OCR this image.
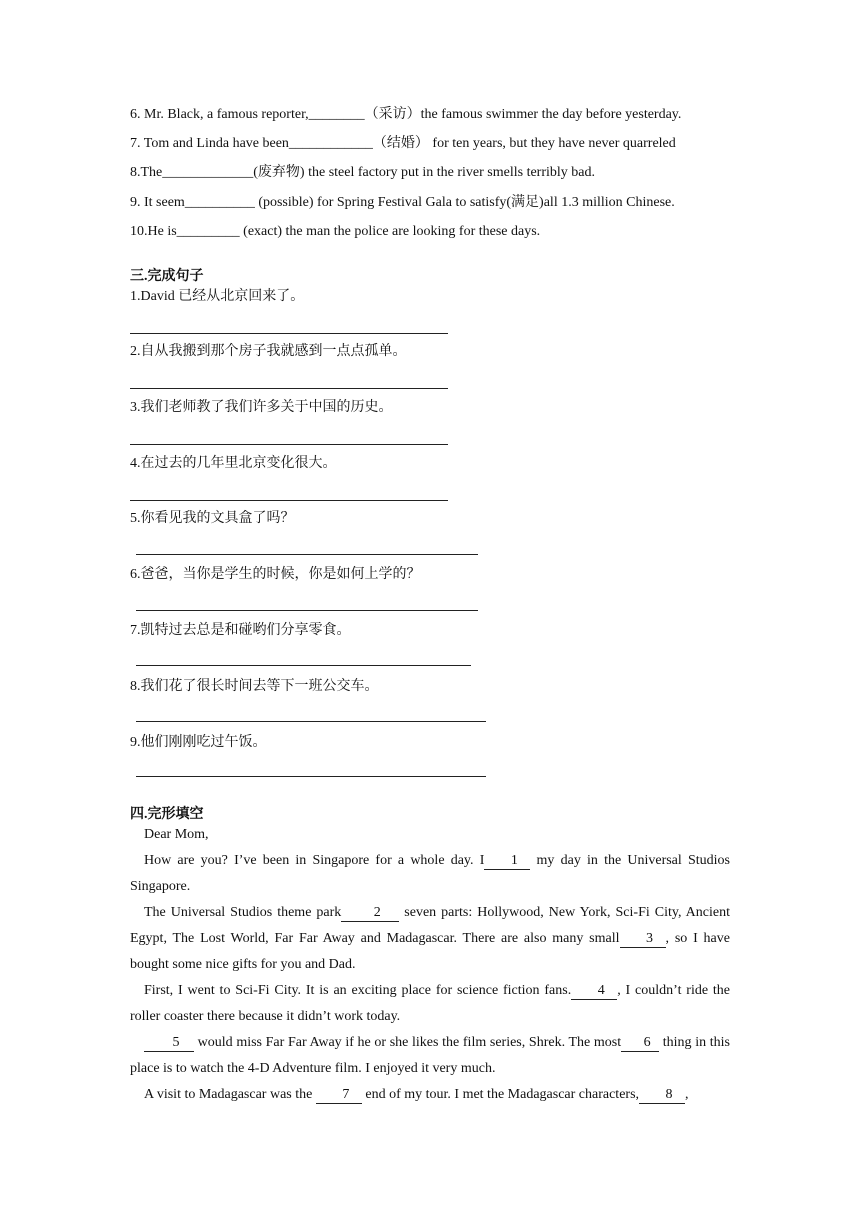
6. Mr. Black, a famous reporter,________（采访）the famous swimmer the day before yesterday.
7. Tom and Linda have been____________（结婚） for ten years, but they have never quarreled
8.The_____________(废弃物) the steel factory put in the river smells terribly bad.
9. It seem__________ (possible) for Spring Festival Gala to satisfy(满足)all 1.3 million Chinese.
10.He is_________ (exact) the man the police are looking for these days.
三.完成句子
1.David 已经从北京回来了。
2.自从我搬到那个房子我就感到一点点孤单。
3.我们老师教了我们许多关于中国的历史。
4.在过去的几年里北京变化很大。
5.你看见我的文具盒了吗？
6.爸爸，当你是学生的时候，你是如何上学的？
7.凯特过去总是和碰哟们分享零食。
8.我们花了很长时间去等下一班公交车。
9.他们刚刚吃过午饭。
四.完形填空

Dear Mom,

How are you? I’ve been in Singapore for a whole day. I 1 my day in the Universal Studios Singapore.

The Universal Studios theme park 2 seven parts: Hollywood, New York, Sci-Fi City, Ancient Egypt, The Lost World, Far Far Away and Madagascar. There are also many small 3 , so I have bought some nice gifts for you and Dad.

First, I went to Sci-Fi City. It is an exciting place for science fiction fans. 4 , I couldn’t ride the roller coaster there because it didn’t work today.

5 would miss Far Far Away if he or she likes the film series, Shrek. The most 6 thing in this place is to watch the 4-D Adventure film. I enjoyed it very much.

A visit to Madagascar was the 7 end of my tour. I met the Madagascar characters, 8 ,
